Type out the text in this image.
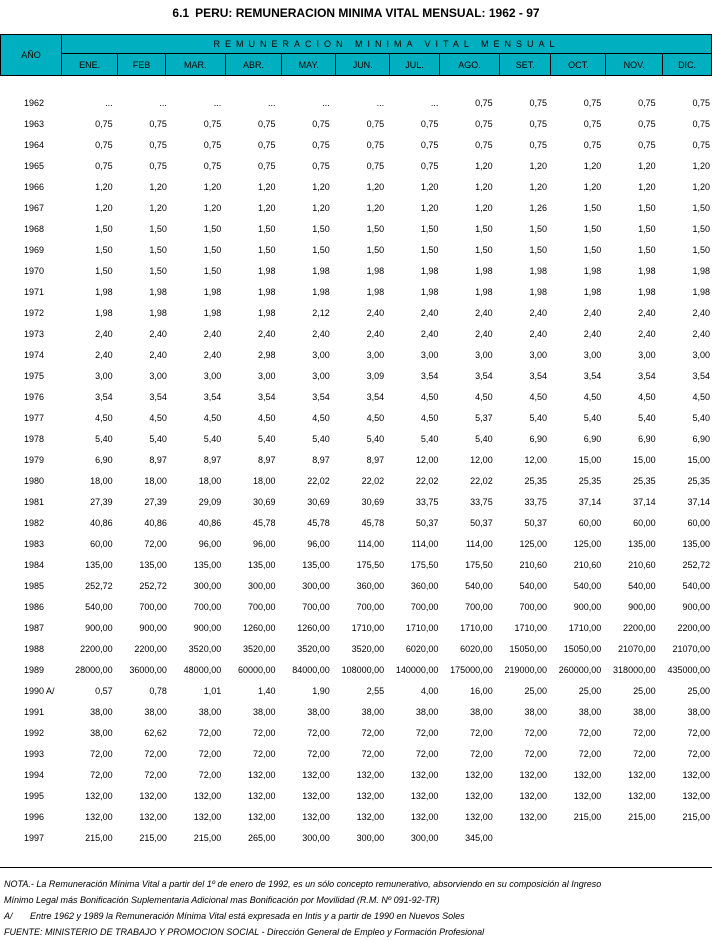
6.1 PERU: REMUNERACION MINIMA VITAL MENSUAL: 1962 - 97
AÑO	REMUNERACION MINIMA VITAL MENSUAL											
	ENE.	FEB	MAR.	ABR.	MAY.	JUN.	JUL.	AGO.	SET.	OCT.	NOV.	DIC.
1962	...	...	...	...	...	...	...	0,75	0,75	0,75	0,75	0,75
1963	0,75	0,75	0,75	0,75	0,75	0,75	0,75	0,75	0,75	0,75	0,75	0,75
1964	0,75	0,75	0,75	0,75	0,75	0,75	0,75	0,75	0,75	0,75	0,75	0,75
1965	0,75	0,75	0,75	0,75	0,75	0,75	0,75	1,20	1,20	1,20	1,20	1,20
1966	1,20	1,20	1,20	1,20	1,20	1,20	1,20	1,20	1,20	1,20	1,20	1,20
1967	1,20	1,20	1,20	1,20	1,20	1,20	1,20	1,20	1,26	1,50	1,50	1,50
1968	1,50	1,50	1,50	1,50	1,50	1,50	1,50	1,50	1,50	1,50	1,50	1,50
1969	1,50	1,50	1,50	1,50	1,50	1,50	1,50	1,50	1,50	1,50	1,50	1,50
1970	1,50	1,50	1,50	1,98	1,98	1,98	1,98	1,98	1,98	1,98	1,98	1,98
1971	1,98	1,98	1,98	1,98	1,98	1,98	1,98	1,98	1,98	1,98	1,98	1,98
1972	1,98	1,98	1,98	1,98	2,12	2,40	2,40	2,40	2,40	2,40	2,40	2,40
1973	2,40	2,40	2,40	2,40	2,40	2,40	2,40	2,40	2,40	2,40	2,40	2,40
1974	2,40	2,40	2,40	2,98	3,00	3,00	3,00	3,00	3,00	3,00	3,00	3,00
1975	3,00	3,00	3,00	3,00	3,00	3,09	3,54	3,54	3,54	3,54	3,54	3,54
1976	3,54	3,54	3,54	3,54	3,54	3,54	4,50	4,50	4,50	4,50	4,50	4,50
1977	4,50	4,50	4,50	4,50	4,50	4,50	4,50	5,37	5,40	5,40	5,40	5,40
1978	5,40	5,40	5,40	5,40	5,40	5,40	5,40	5,40	6,90	6,90	6,90	6,90
1979	6,90	8,97	8,97	8,97	8,97	8,97	12,00	12,00	12,00	15,00	15,00	15,00
1980	18,00	18,00	18,00	18,00	22,02	22,02	22,02	22,02	25,35	25,35	25,35	25,35
1981	27,39	27,39	29,09	30,69	30,69	30,69	33,75	33,75	33,75	37,14	37,14	37,14
1982	40,86	40,86	40,86	45,78	45,78	45,78	50,37	50,37	50,37	60,00	60,00	60,00
1983	60,00	72,00	96,00	96,00	96,00	114,00	114,00	114,00	125,00	125,00	135,00	135,00
1984	135,00	135,00	135,00	135,00	135,00	175,50	175,50	175,50	210,60	210,60	210,60	252,72
1985	252,72	252,72	300,00	300,00	300,00	360,00	360,00	540,00	540,00	540,00	540,00	540,00
1986	540,00	700,00	700,00	700,00	700,00	700,00	700,00	700,00	700,00	900,00	900,00	900,00
1987	900,00	900,00	900,00	1260,00	1260,00	1710,00	1710,00	1710,00	1710,00	1710,00	2200,00	2200,00
1988	2200,00	2200,00	3520,00	3520,00	3520,00	3520,00	6020,00	6020,00	15050,00	15050,00	21070,00	21070,00
1989	28000,00	36000,00	48000,00	60000,00	84000,00	108000,00	140000,00	175000,00	219000,00	260000,00	318000,00	435000,00
1990 A/	0,57	0,78	1,01	1,40	1,90	2,55	4,00	16,00	25,00	25,00	25,00	25,00
1991	38,00	38,00	38,00	38,00	38,00	38,00	38,00	38,00	38,00	38,00	38,00	38,00
1992	38,00	62,62	72,00	72,00	72,00	72,00	72,00	72,00	72,00	72,00	72,00	72,00
1993	72,00	72,00	72,00	72,00	72,00	72,00	72,00	72,00	72,00	72,00	72,00	72,00
1994	72,00	72,00	72,00	132,00	132,00	132,00	132,00	132,00	132,00	132,00	132,00	132,00
1995	132,00	132,00	132,00	132,00	132,00	132,00	132,00	132,00	132,00	132,00	132,00	132,00
1996	132,00	132,00	132,00	132,00	132,00	132,00	132,00	132,00	132,00	215,00	215,00	215,00
1997	215,00	215,00	215,00	265,00	300,00	300,00	300,00	345,00				
NOTA.- La Remuneración Mínima Vital a partir del 1º de enero de 1992, es un sólo concepto remunerativo, absorviendo en su composición al Ingreso
Mínimo Legal más Bonificación Suplementaria Adicional mas Bonificación por Movilidad (R.M. Nº 091-92-TR)
A/ Entre 1962 y 1989 la Remuneración Mínima Vital está expresada en Intis y a partir de 1990 en Nuevos Soles
FUENTE: MINISTERIO DE TRABAJO Y PROMOCION SOCIAL - Dirección General de Empleo y Formación Profesional
